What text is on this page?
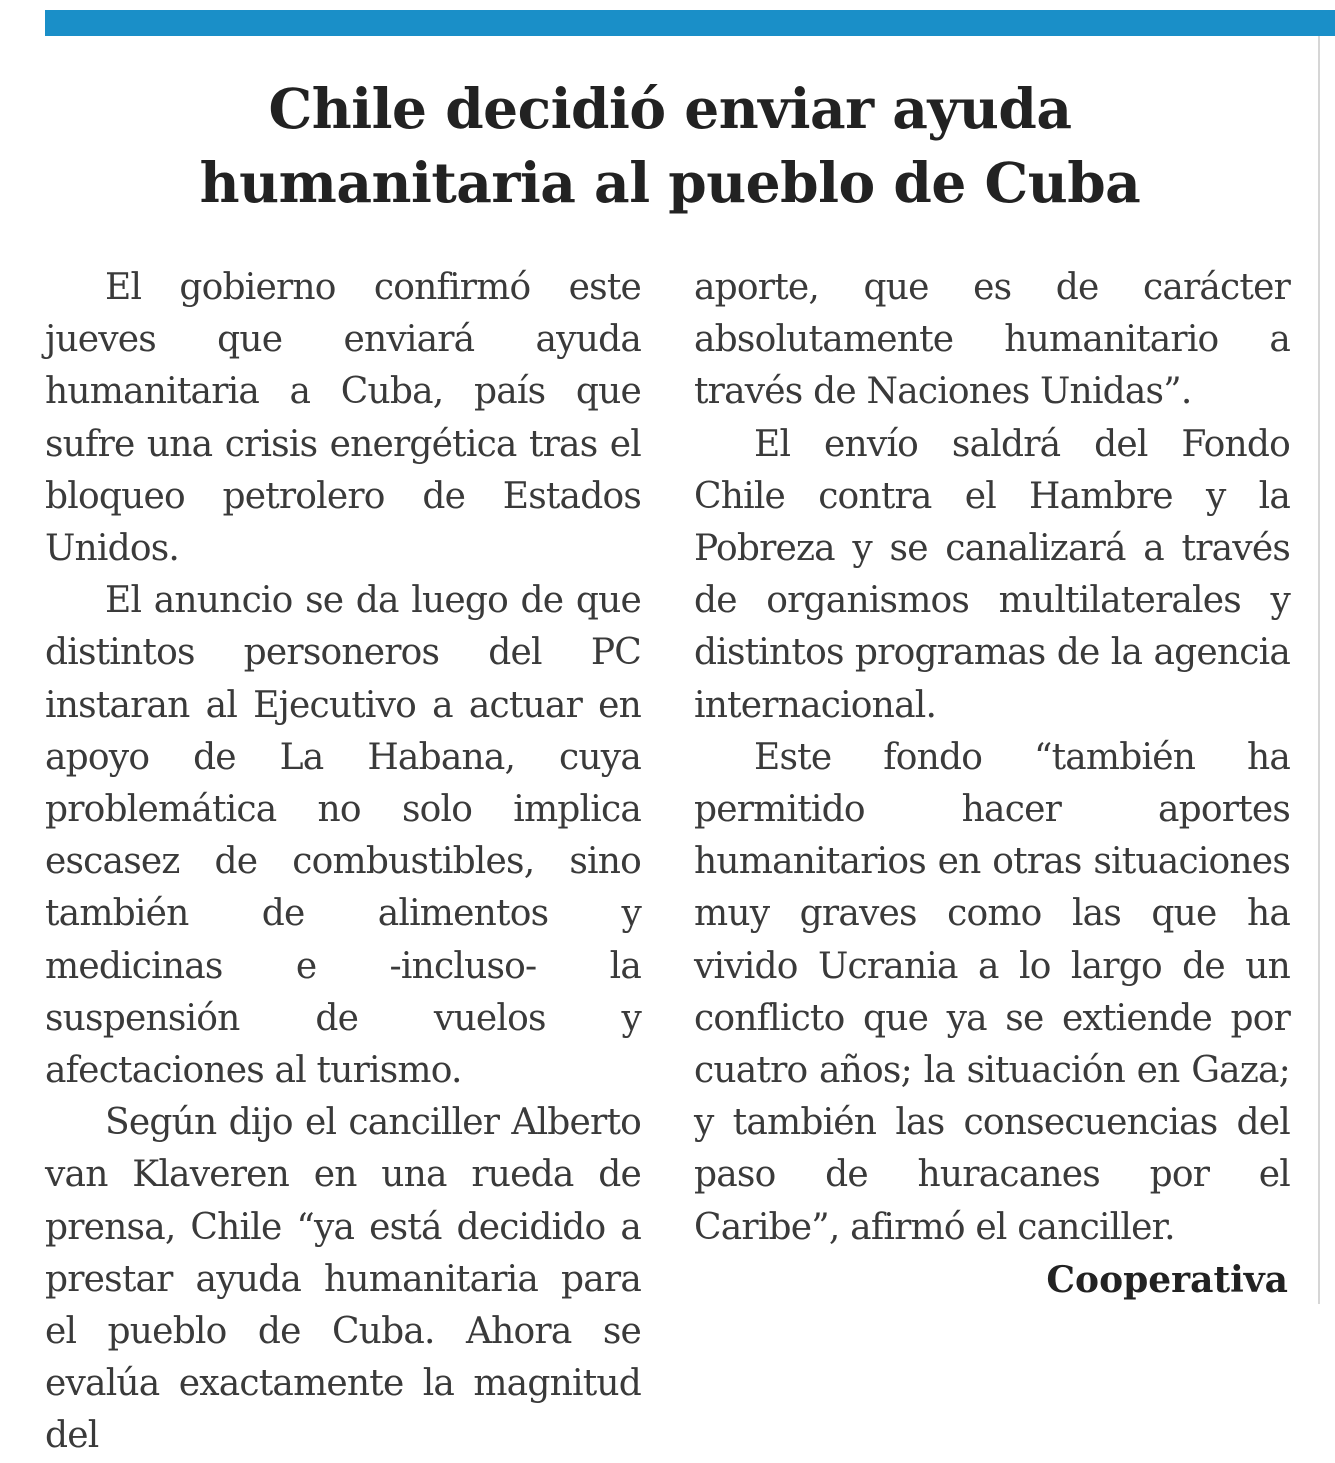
Chile decidió enviar ayuda humanitaria al pueblo de Cuba

El gobierno confirmó este jueves que enviará ayuda humanitaria a Cuba, país que sufre una crisis energética tras el bloqueo petrolero de Estados Unidos.

El anuncio se da luego de que distintos personeros del PC instaran al Ejecutivo a actuar en apoyo de La Habana, cuya problemática no solo implica escasez de combustibles, sino también de alimentos y medicinas e -incluso- la suspensión de vuelos y afectaciones al turismo.

Según dijo el canciller Alberto van Klaveren en una rueda de prensa, Chile “ya está decidido a prestar ayuda humanitaria para el pueblo de Cuba. Ahora se evalúa exactamente la magnitud del

aporte, que es de carácter absolutamente humanitario a través de Naciones Unidas”.

El envío saldrá del Fondo Chile contra el Hambre y la Pobreza y se canalizará a través de organismos multilaterales y distintos programas de la agencia internacional.

Este fondo “también ha permitido hacer aportes humanitarios en otras situaciones muy graves como las que ha vivido Ucrania a lo largo de un conflicto que ya se extiende por cuatro años; la situación en Gaza; y también las consecuencias del paso de huracanes por el Caribe”, afirmó el canciller.

Cooperativa
